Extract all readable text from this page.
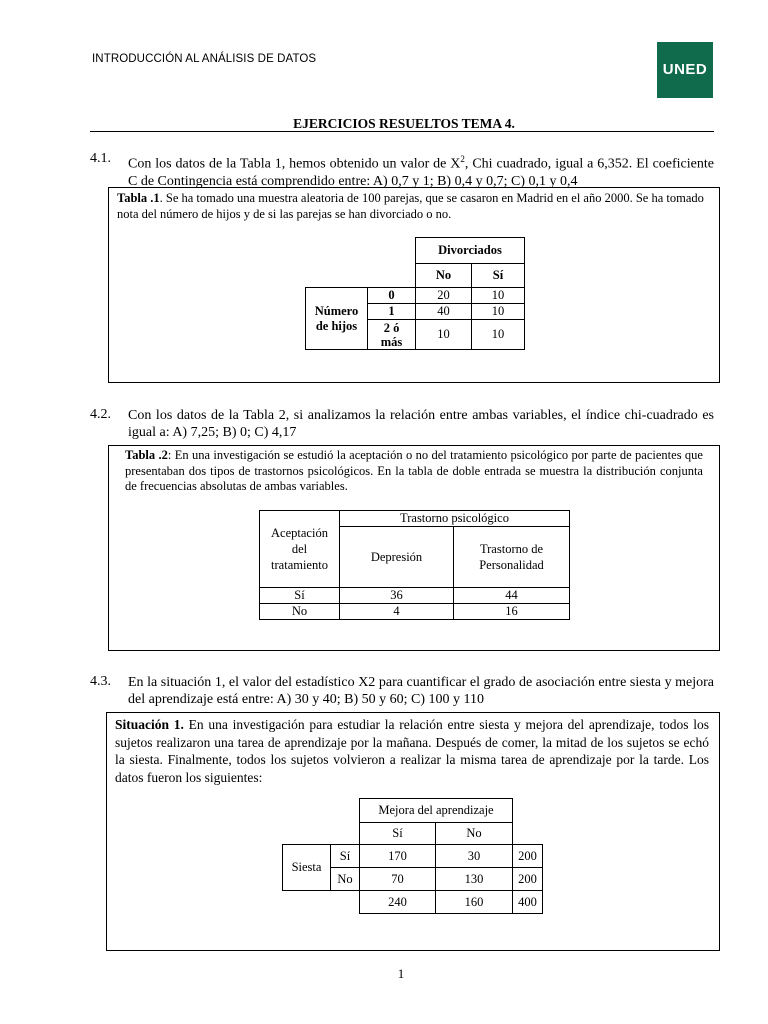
INTRODUCCIÓN AL ANÁLISIS DE DATOS
UNED
EJERCICIOS RESUELTOS TEMA 4.
4.1. Con los datos de la Tabla 1, hemos obtenido un valor de $X^2$, Chi cuadrado, igual a 6,352. El coeficiente C de Contingencia está comprendido entre: A) 0,7 y 1; B) 0,4 y 0,7; C) 0,1 y 0,4
Tabla .1. Se ha tomado una muestra aleatoria de 100 parejas, que se casaron en Madrid en el año 2000. Se ha tomado nota del número de hijos y de si las parejas se han divorciado o no.
		Divorciados	
		No	Sí
Número de hijos	0	20	10
	1	40	10
	2 ó más	10	10
4.2. Con los datos de la Tabla 2, si analizamos la relación entre ambas variables, el índice chi-cuadrado es igual a: A) 7,25; B) 0; C) 4,17
Tabla .2: En una investigación se estudió la aceptación o no del tratamiento psicológico por parte de pacientes que presentaban dos tipos de trastornos psicológicos. En la tabla de doble entrada se muestra la distribución conjunta de frecuencias absolutas de ambas variables.
Aceptación del tratamiento	Trastorno psicológico	
	Depresión	Trastorno de Personalidad
Sí	36	44
No	4	16
4.3. En la situación 1, el valor del estadístico X2 para cuantificar el grado de asociación entre siesta y mejora del aprendizaje está entre: A) 30 y 40; B) 50 y 60; C) 100 y 110
Situación 1. En una investigación para estudiar la relación entre siesta y mejora del aprendizaje, todos los sujetos realizaron una tarea de aprendizaje por la mañana. Después de comer, la mitad de los sujetos se echó la siesta. Finalmente, todos los sujetos volvieron a realizar la misma tarea de aprendizaje por la tarde. Los datos fueron los siguientes:
		Mejora del aprendizaje		
		Sí	No	
Siesta	Sí	170	30	200
	No	70	130	200
		240	160	400
1
